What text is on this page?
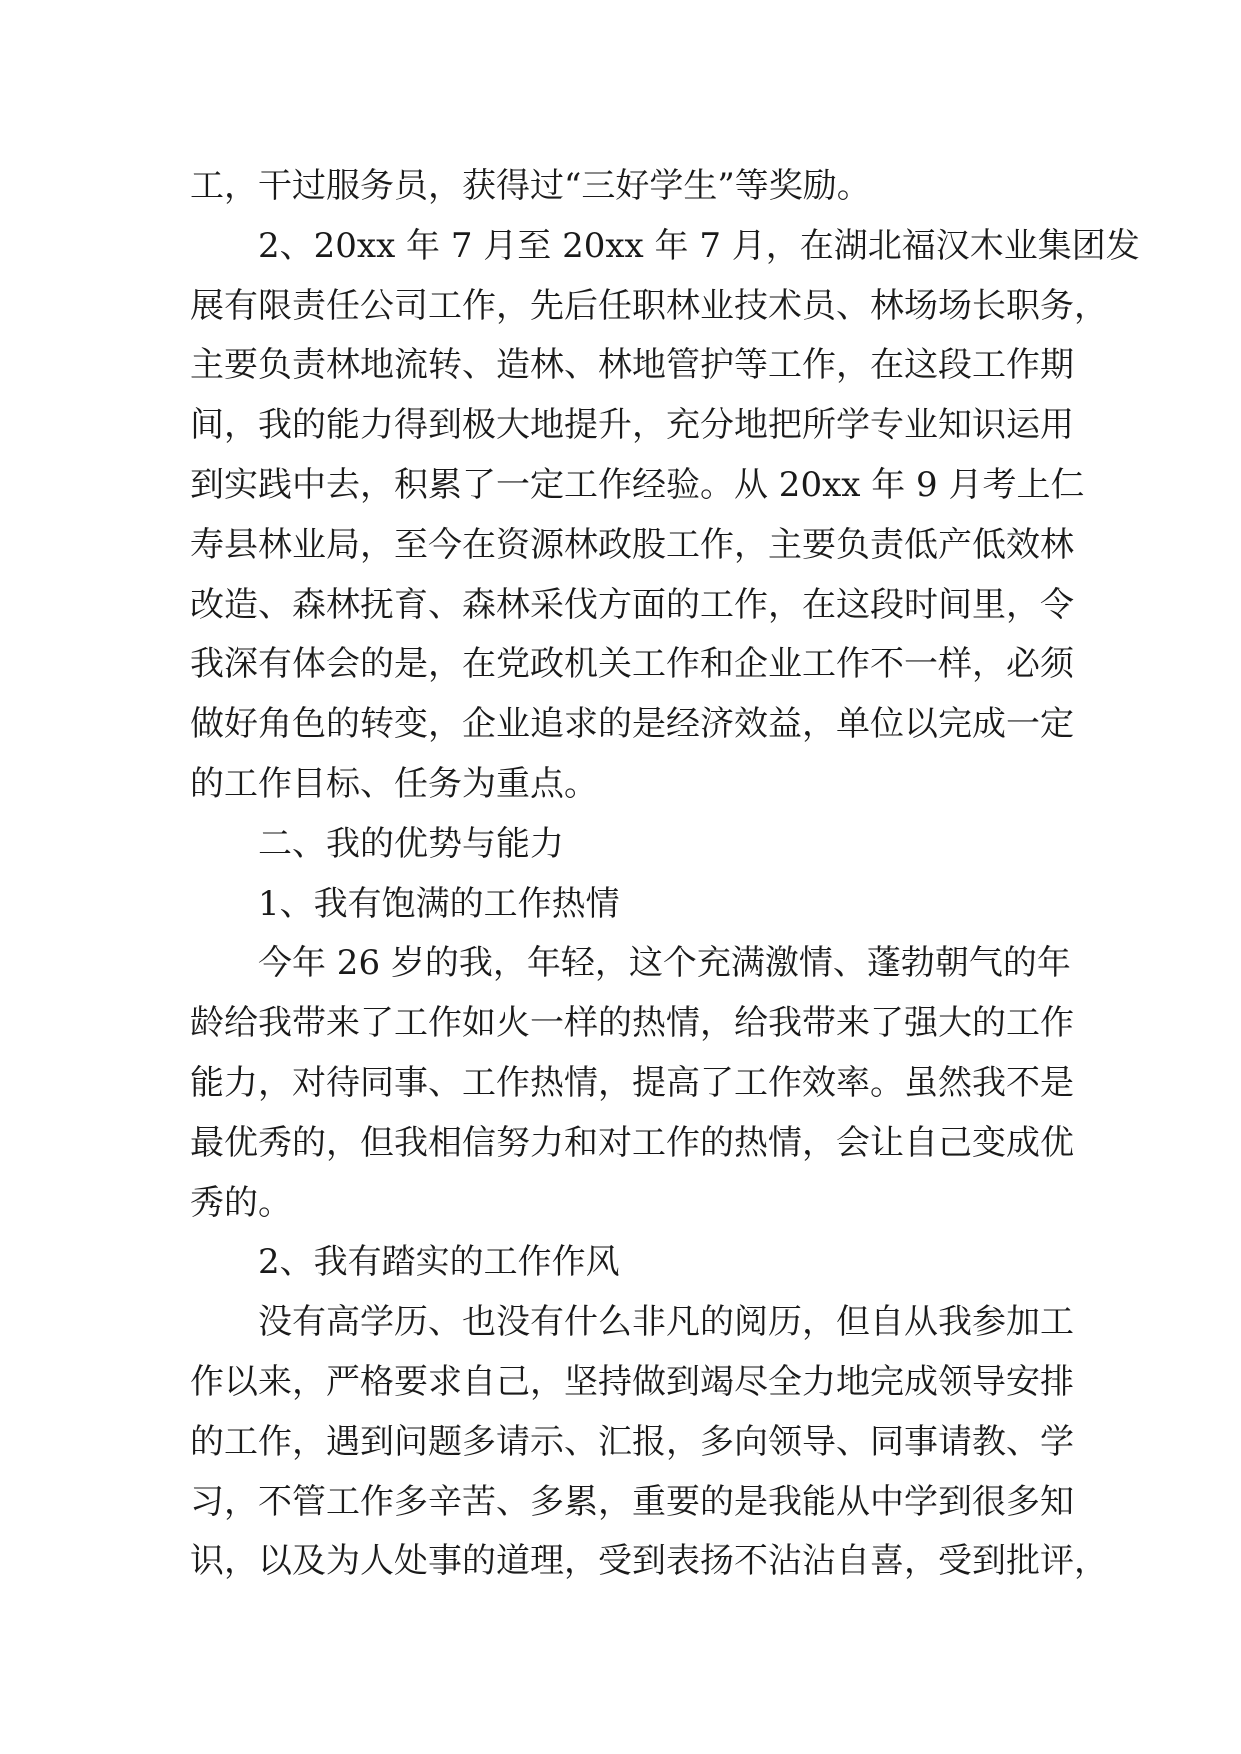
工，干过服务员，获得过“三好学生”等奖励。
2、20xx 年 7 月至 20xx 年 7 月，在湖北福汉木业集团发
展有限责任公司工作，先后任职林业技术员、林场场长职务，
主要负责林地流转、造林、林地管护等工作，在这段工作期
间，我的能力得到极大地提升，充分地把所学专业知识运用
到实践中去，积累了一定工作经验。从 20xx 年 9 月考上仁
寿县林业局，至今在资源林政股工作，主要负责低产低效林
改造、森林抚育、森林采伐方面的工作，在这段时间里，令
我深有体会的是，在党政机关工作和企业工作不一样，必须
做好角色的转变，企业追求的是经济效益，单位以完成一定
的工作目标、任务为重点。
二、我的优势与能力
1、我有饱满的工作热情
今年 26 岁的我，年轻，这个充满激情、蓬勃朝气的年
龄给我带来了工作如火一样的热情，给我带来了强大的工作
能力，对待同事、工作热情，提高了工作效率。虽然我不是
最优秀的，但我相信努力和对工作的热情，会让自己变成优
秀的。
2、我有踏实的工作作风
没有高学历、也没有什么非凡的阅历，但自从我参加工
作以来，严格要求自己，坚持做到竭尽全力地完成领导安排
的工作，遇到问题多请示、汇报，多向领导、同事请教、学
习，不管工作多辛苦、多累，重要的是我能从中学到很多知
识，以及为人处事的道理，受到表扬不沾沾自喜，受到批评，
